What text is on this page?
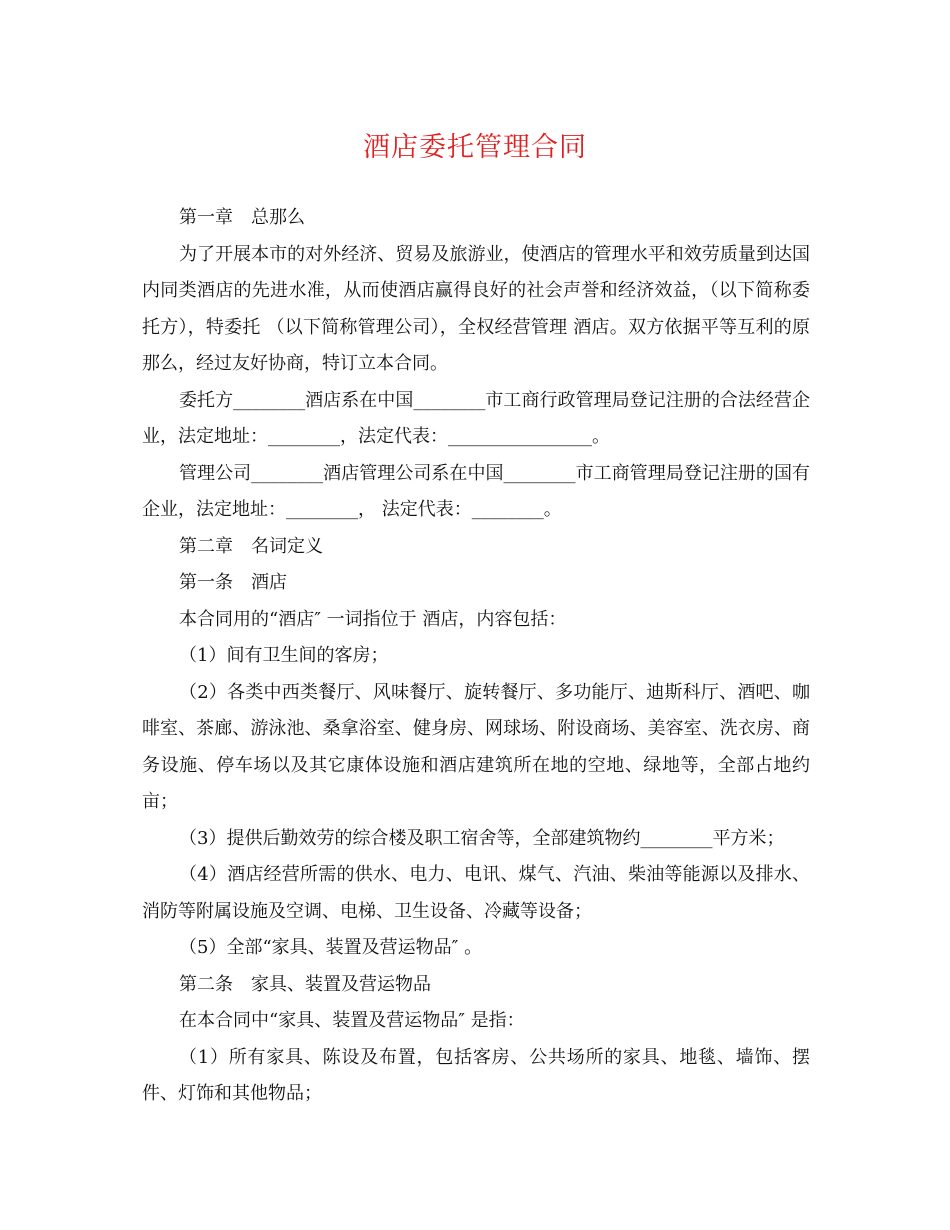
酒店委托管理合同

第一章　总那么

为了开展本市的对外经济、贸易及旅游业，使酒店的管理水平和效劳质量到达国内同类酒店的先进水准，从而使酒店赢得良好的社会声誉和经济效益，（以下简称委托方），特委托 （以下简称管理公司），全权经营管理 酒店。双方依据平等互利的原那么，经过友好协商，特订立本合同。

委托方________酒店系在中国________市工商行政管理局登记注册的合法经营企业，法定地址：________，法定代表：________________。

管理公司________酒店管理公司系在中国________市工商管理局登记注册的国有企业，法定地址：________， 法定代表：________。

第二章　名词定义

第一条　酒店

本合同用的“酒店″ 一词指位于 酒店，内容包括：

（1）间有卫生间的客房；

（2）各类中西类餐厅、风味餐厅、旋转餐厅、多功能厅、迪斯科厅、酒吧、咖啡室、茶廊、游泳池、桑拿浴室、健身房、网球场、附设商场、美容室、洗衣房、商务设施、停车场以及其它康体设施和酒店建筑所在地的空地、绿地等，全部占地约亩；

（3）提供后勤效劳的综合楼及职工宿舍等，全部建筑物约________平方米；

（4）酒店经营所需的供水、电力、电讯、煤气、汽油、柴油等能源以及排水、消防等附属设施及空调、电梯、卫生设备、冷藏等设备；

（5）全部“家具、装置及营运物品″ 。

第二条　家具、装置及营运物品

在本合同中“家具、装置及营运物品″ 是指：

（1）所有家具、陈设及布置，包括客房、公共场所的家具、地毯、墙饰、摆件、灯饰和其他物品；
